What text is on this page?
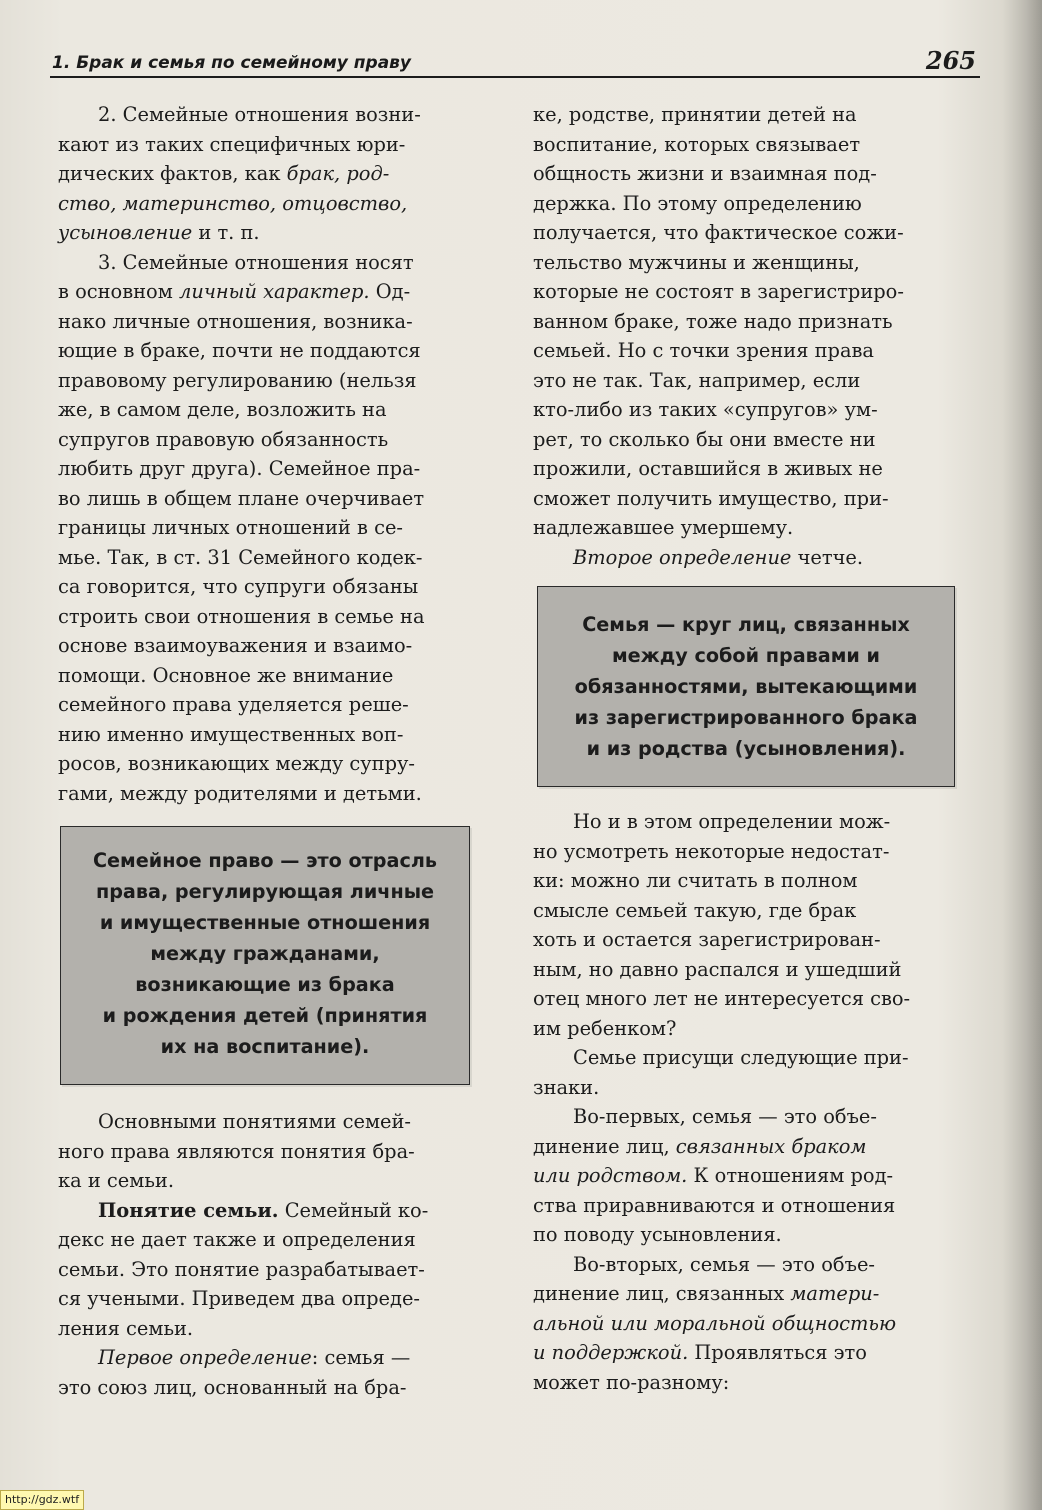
1. Брак и семья по семейному праву	265

2. Семейные отношения возни-
кают из таких специфичных юри-
дических фактов, как брак, род-
ство, материнство, отцовство,
усыновление и т. п.

3. Семейные отношения носят
в основном личный характер. Од-
нако личные отношения, возника-
ющие в браке, почти не поддаются
правовому регулированию (нельзя
же, в самом деле, возложить на
супругов правовую обязанность
любить друг друга). Семейное пра-
во лишь в общем плане очерчивает
границы личных отношений в се-
мье. Так, в ст. 31 Семейного кодек-
са говорится, что супруги обязаны
строить свои отношения в семье на
основе взаимоуважения и взаимо-
помощи. Основное же внимание
семейного права уделяется реше-
нию именно имущественных воп-
росов, возникающих между супру-
гами, между родителями и детьми.

Семейное право — это отрасль
права, регулирующая личные
и имущественные отношения
между гражданами,
возникающие из брака
и рождения детей (принятия
их на воспитание).

Основными понятиями семей-
ного права являются понятия бра-
ка и семьи.

Понятие семьи. Семейный ко-
декс не дает также и определения
семьи. Это понятие разрабатывает-
ся учеными. Приведем два опреде-
ления семьи.

Первое определение: семья —
это союз лиц, основанный на бра-

ке, родстве, принятии детей на
воспитание, которых связывает
общность жизни и взаимная под-
держка. По этому определению
получается, что фактическое сожи-
тельство мужчины и женщины,
которые не состоят в зарегистриро-
ванном браке, тоже надо признать
семьей. Но с точки зрения права
это не так. Так, например, если
кто-либо из таких «супругов» ум-
рет, то сколько бы они вместе ни
прожили, оставшийся в живых не
сможет получить имущество, при-
надлежавшее умершему.

Второе определение четче.

Семья — круг лиц, связанных
между собой правами и
обязанностями, вытекающими
из зарегистрированного брака
и из родства (усыновления).

Но и в этом определении мож-
но усмотреть некоторые недостат-
ки: можно ли считать в полном
смысле семьей такую, где брак
хоть и остается зарегистрирован-
ным, но давно распался и ушедший
отец много лет не интересуется сво-
им ребенком?

Семье присущи следующие при-
знаки.

Во-первых, семья — это объе-
динение лиц, связанных браком
или родством. К отношениям род-
ства приравниваются и отношения
по поводу усыновления.

Во-вторых, семья — это объе-
динение лиц, связанных матери-
альной или моральной общностью
и поддержкой. Проявляться это
может по-разному:

http://gdz.wtf
